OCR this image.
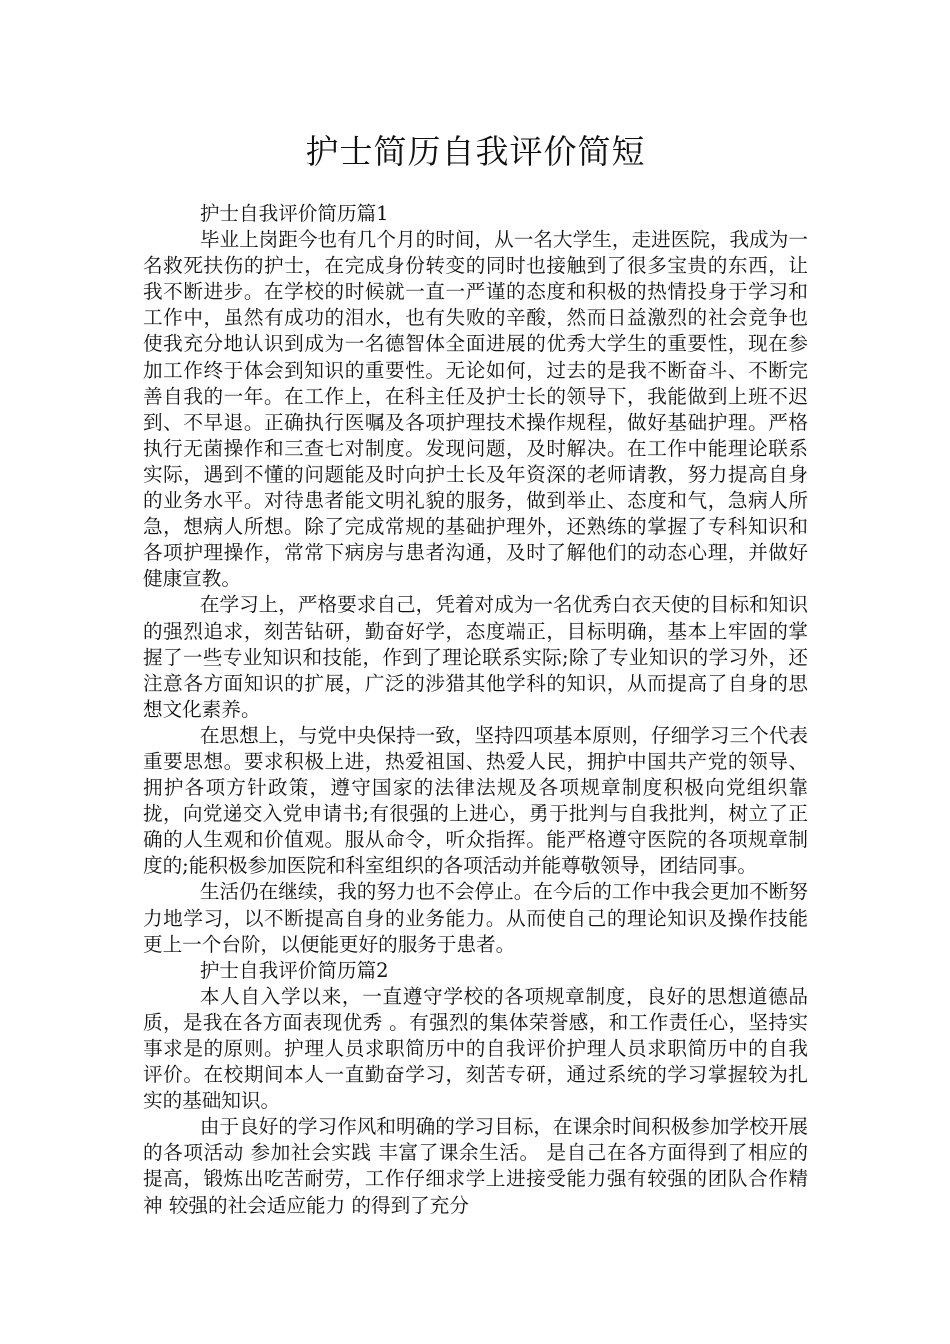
护士简历自我评价简短

护士自我评价简历篇1

毕业上岗距今也有几个月的时间，从一名大学生，走进医院，我成为一名救死扶伤的护士，在完成身份转变的同时也接触到了很多宝贵的东西，让我不断进步。在学校的时候就一直一严谨的态度和积极的热情投身于学习和工作中，虽然有成功的泪水，也有失败的辛酸，然而日益激烈的社会竞争也使我充分地认识到成为一名德智体全面进展的优秀大学生的重要性，现在参加工作终于体会到知识的重要性。无论如何，过去的是我不断奋斗、不断完善自我的一年。在工作上，在科主任及护士长的领导下，我能做到上班不迟到、不早退。正确执行医嘱及各项护理技术操作规程，做好基础护理。严格执行无菌操作和三查七对制度。发现问题，及时解决。在工作中能理论联系实际，遇到不懂的问题能及时向护士长及年资深的老师请教，努力提高自身的业务水平。对待患者能文明礼貌的服务，做到举止、态度和气，急病人所急，想病人所想。除了完成常规的基础护理外，还熟练的掌握了专科知识和各项护理操作，常常下病房与患者沟通，及时了解他们的动态心理，并做好健康宣教。

在学习上，严格要求自己，凭着对成为一名优秀白衣天使的目标和知识的强烈追求，刻苦钻研，勤奋好学，态度端正，目标明确，基本上牢固的掌握了一些专业知识和技能，作到了理论联系实际;除了专业知识的学习外，还注意各方面知识的扩展，广泛的涉猎其他学科的知识，从而提高了自身的思想文化素养。

在思想上，与党中央保持一致，坚持四项基本原则，仔细学习三个代表重要思想。要求积极上进，热爱祖国、热爱人民，拥护中国共产党的领导、拥护各项方针政策，遵守国家的法律法规及各项规章制度积极向党组织靠拢，向党递交入党申请书;有很强的上进心，勇于批判与自我批判，树立了正确的人生观和价值观。服从命令，听众指挥。能严格遵守医院的各项规章制度的;能积极参加医院和科室组织的各项活动并能尊敬领导，团结同事。

生活仍在继续，我的努力也不会停止。在今后的工作中我会更加不断努力地学习，以不断提高自身的业务能力。从而使自己的理论知识及操作技能更上一个台阶，以便能更好的服务于患者。

护士自我评价简历篇2

本人自入学以来，一直遵守学校的各项规章制度，良好的思想道德品质，是我在各方面表现优秀 。有强烈的集体荣誉感，和工作责任心，坚持实事求是的原则。护理人员求职简历中的自我评价护理人员求职简历中的自我评价。在校期间本人一直勤奋学习，刻苦专研，通过系统的学习掌握较为扎实的基础知识。

由于良好的学习作风和明确的学习目标，在课余时间积极参加学校开展的各项活动 参加社会实践 丰富了课余生活。 是自己在各方面得到了相应的提高，锻炼出吃苦耐劳，工作仔细求学上进接受能力强有较强的团队合作精神 较强的社会适应能力 的得到了充分
